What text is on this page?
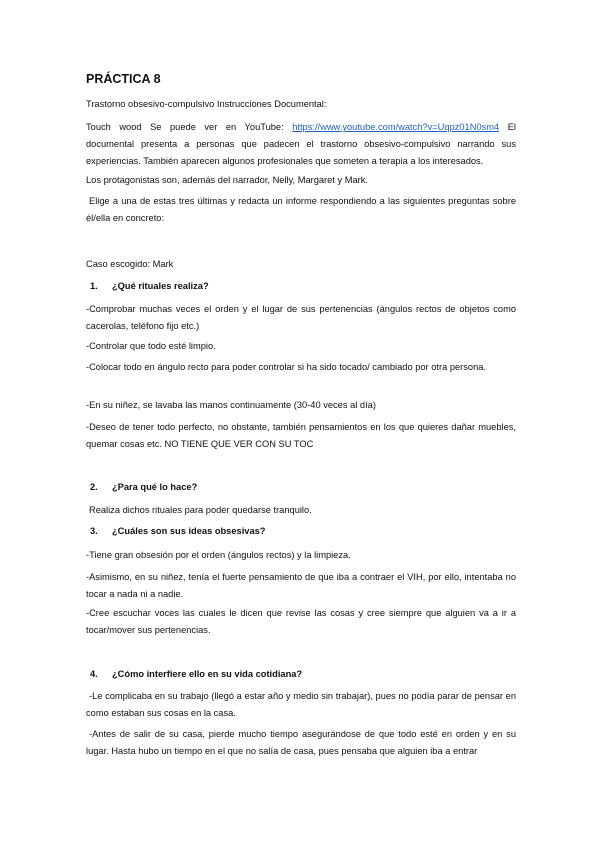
PRÁCTICA 8
Trastorno obsesivo-compulsivo Instrucciones Documental:
Touch wood Se puede ver en YouTube: https://www.youtube.com/watch?v=Uqpz01N0sm4 El documental presenta a personas que padecen el trastorno obsesivo-compulsivo narrando sus experiencias. También aparecen algunos profesionales que someten a terapia a los interesados.
Los protagonistas son, además del narrador, Nelly, Margaret y Mark.
Elige a una de estas tres últimas y redacta un informe respondiendo a las siguientes preguntas sobre él/ella en concreto:
Caso escogido: Mark
1. ¿Qué rituales realiza?
-Comprobar muchas veces el orden y el lugar de sus pertenencias (ángulos rectos de objetos como cacerolas, teléfono fijo etc.)
-Controlar que todo esté limpio.
-Colocar todo en ángulo recto para poder controlar si ha sido tocado/ cambiado por otra persona.
-En su niñez, se lavaba las manos continuamente (30-40 veces al día)
-Deseo de tener todo perfecto, no obstante, también pensamientos en los que quieres dañar muebles, quemar cosas etc. NO TIENE QUE VER CON SU TOC
2. ¿Para qué lo hace?
Realiza dichos rituales para poder quedarse tranquilo.
3. ¿Cuáles son sus ideas obsesivas?
-Tiene gran obsesión por el orden (ángulos rectos) y la limpieza.
-Asimismo, en su niñez, tenía el fuerte pensamiento de que iba a contraer el VIH, por ello, intentaba no tocar a nada ni a nadie.
-Cree escuchar voces las cuales le dicen que revise las cosas y cree siempre que alguien va a ir a tocar/mover sus pertenencias.
4. ¿Cómo interfiere ello en su vida cotidiana?
-Le complicaba en su trabajo (llegó a estar año y medio sin trabajar), pues no podía parar de pensar en como estaban sus cosas en la casa.
-Antes de salir de su casa, pierde mucho tiempo asegurándose de que todo esté en orden y en su lugar. Hasta hubo un tiempo en el que no salía de casa, pues pensaba que alguien iba a entrar
